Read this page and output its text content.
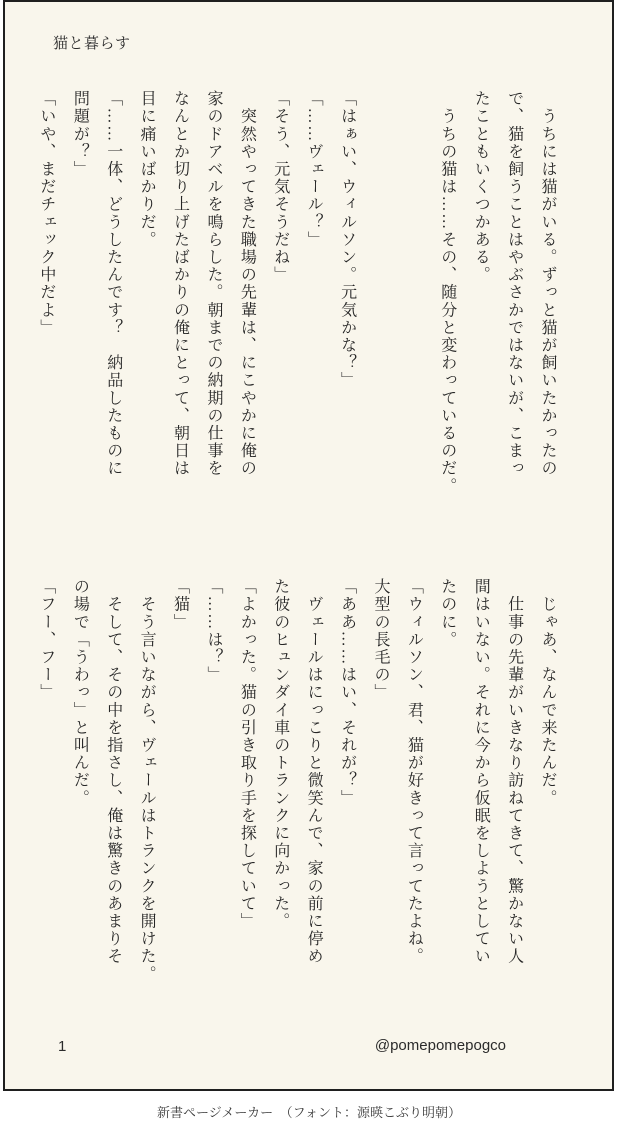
猫と暮らす
　うちには猫がいる。ずっと猫が飼いたかったの
で、猫を飼うことはやぶさかではないが、こまっ
たこともいくつかある。
　うちの猫は……その、随分と変わっているのだ。

「はぁい、ウィルソン。元気かな？」
「……ヴェール？」
「そう、元気そうだね」
　突然やってきた職場の先輩は、にこやかに俺の
家のドアベルを鳴らした。朝までの納期の仕事を
なんとか切り上げたばかりの俺にとって、朝日は
目に痛いばかりだ。
「……一体、どうしたんです？　納品したものに
問題が？」
「いや、まだチェック中だよ」
　じゃあ、なんで来たんだ。
　仕事の先輩がいきなり訪ねてきて、驚かない人
間はいない。それに今から仮眠をしようとしてい
たのに。
「ウィルソン、君、猫が好きって言ってたよね。
大型の長毛の」
「ああ……はい、それが？」
　ヴェールはにっこりと微笑んで、家の前に停め
た彼のヒュンダイ車のトランクに向かった。
「よかった。猫の引き取り手を探していて」
「……は？」
「猫」
　そう言いながら、ヴェールはトランクを開けた。
　そして、その中を指さし、俺は驚きのあまりそ
の場で「うわっ」と叫んだ。
「フー、フー」
1	@pomepomepogco
新書ページメーカー　（フォント：源暎こぶり明朝）
